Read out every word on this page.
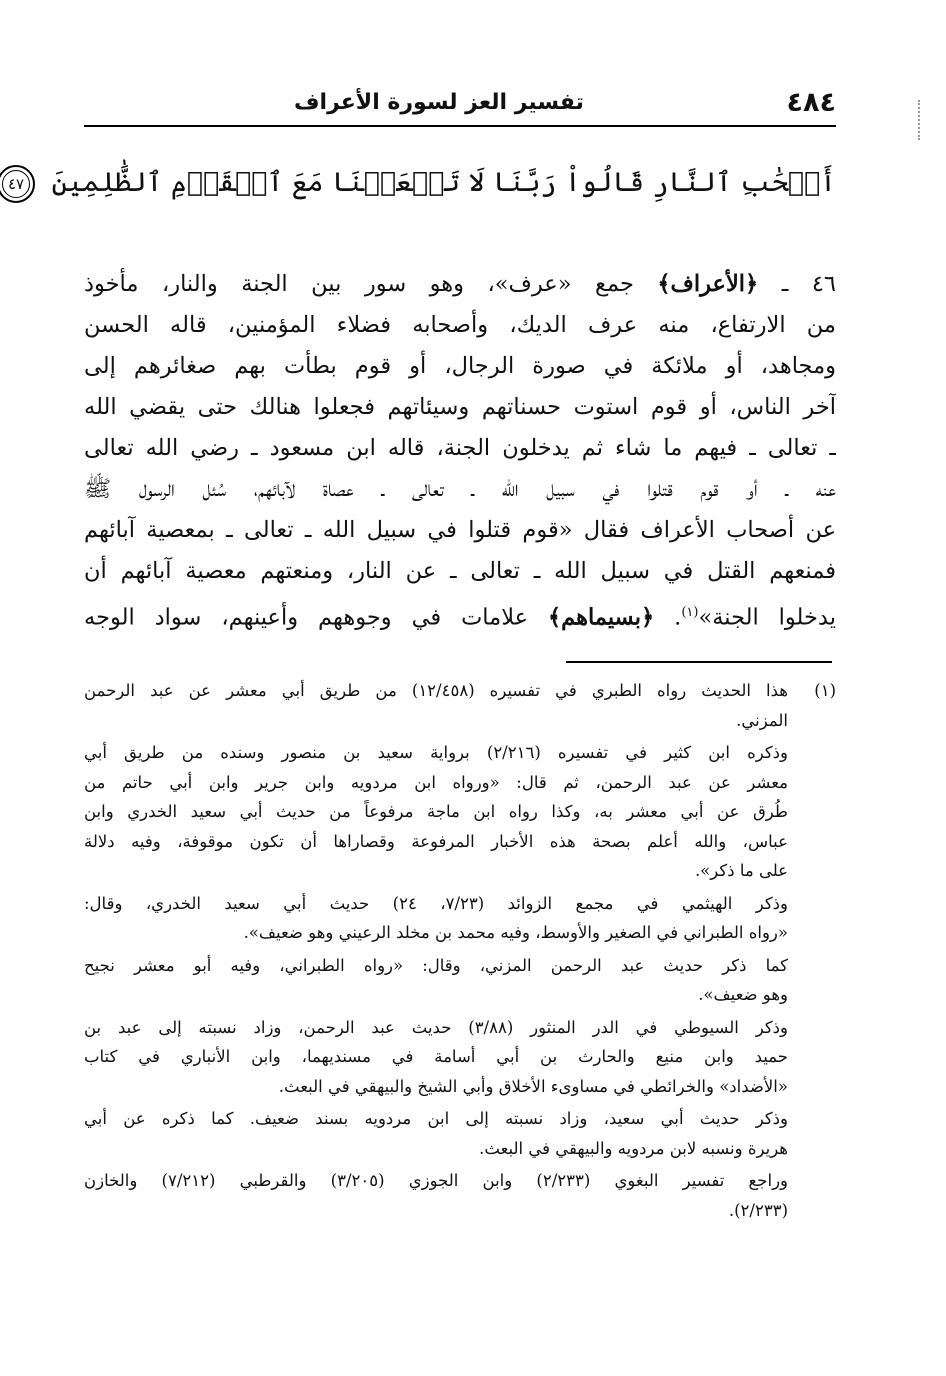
٤٨٤
تفسير العز لسورة الأعراف
أَصۡحَٰبِ ٱلنَّارِ قَالُواْ رَبَّنَا لَا تَجۡعَلۡنَا مَعَ ٱلۡقَوۡمِ ٱلظَّٰلِمِينَ ٤٧
٤٦ ـ ﴿الأعراف﴾ جمع «عرف»، وهو سور بين الجنة والنار، مأخوذ
من الارتفاع، منه عرف الديك، وأصحابه فضلاء المؤمنين، قاله الحسن
ومجاهد، أو ملائكة في صورة الرجال، أو قوم بطأت بهم صغائرهم إلى
آخر الناس، أو قوم استوت حسناتهم وسيئاتهم فجعلوا هنالك حتى يقضي الله
ـ تعالى ـ فيهم ما شاء ثم يدخلون الجنة، قاله ابن مسعود ـ رضي الله تعالى
عنه ـ أو قوم قتلوا في سبيل الله ـ تعالى ـ عصاة لآبائهم، سُئل الرسول ﷺ
عن أصحاب الأعراف فقال «قوم قتلوا في سبيل الله ـ تعالى ـ بمعصية آبائهم
فمنعهم القتل في سبيل الله ـ تعالى ـ عن النار، ومنعتهم معصية آبائهم أن
يدخلوا الجنة»$^{(١)}$. ﴿بسيماهم﴾ علامات في وجوههم وأعينهم، سواد الوجه
(١)
هذا الحديث رواه الطبري في تفسيره (١٢/٤٥٨) من طريق أبي معشر عن عبد الرحمن
المزني.
وذكره ابن كثير في تفسيره (٢/٢١٦) برواية سعيد بن منصور وسنده من طريق أبي
معشر عن عبد الرحمن، ثم قال: «ورواه ابن مردويه وابن جرير وابن أبي حاتم من
طُرق عن أبي معشر به، وكذا رواه ابن ماجة مرفوعاً من حديث أبي سعيد الخدري وابن
عباس، والله أعلم بصحة هذه الأخبار المرفوعة وقصاراها أن تكون موقوفة، وفيه دلالة
على ما ذكر».
وذكر الهيثمي في مجمع الزوائد (٧/٢٣، ٢٤) حديث أبي سعيد الخدري، وقال:
«رواه الطبراني في الصغير والأوسط، وفيه محمد بن مخلد الرعيني وهو ضعيف».
كما ذكر حديث عبد الرحمن المزني، وقال: «رواه الطبراني، وفيه أبو معشر نجيح
وهو ضعيف».
وذكر السيوطي في الدر المنثور (٣/٨٨) حديث عبد الرحمن، وزاد نسبته إلى عبد بن
حميد وابن منيع والحارث بن أبي أسامة في مسنديهما، وابن الأنباري في كتاب
«الأضداد» والخرائطي في مساوىء الأخلاق وأبي الشيخ والبيهقي في البعث.
وذكر حديث أبي سعيد، وزاد نسبته إلى ابن مردويه بسند ضعيف. كما ذكره عن أبي
هريرة ونسبه لابن مردويه والبيهقي في البعث.
وراجع تفسير البغوي (٢/٢٣٣) وابن الجوزي (٣/٢٠٥) والقرطبي (٧/٢١٢) والخازن
(٢/٢٣٣).
